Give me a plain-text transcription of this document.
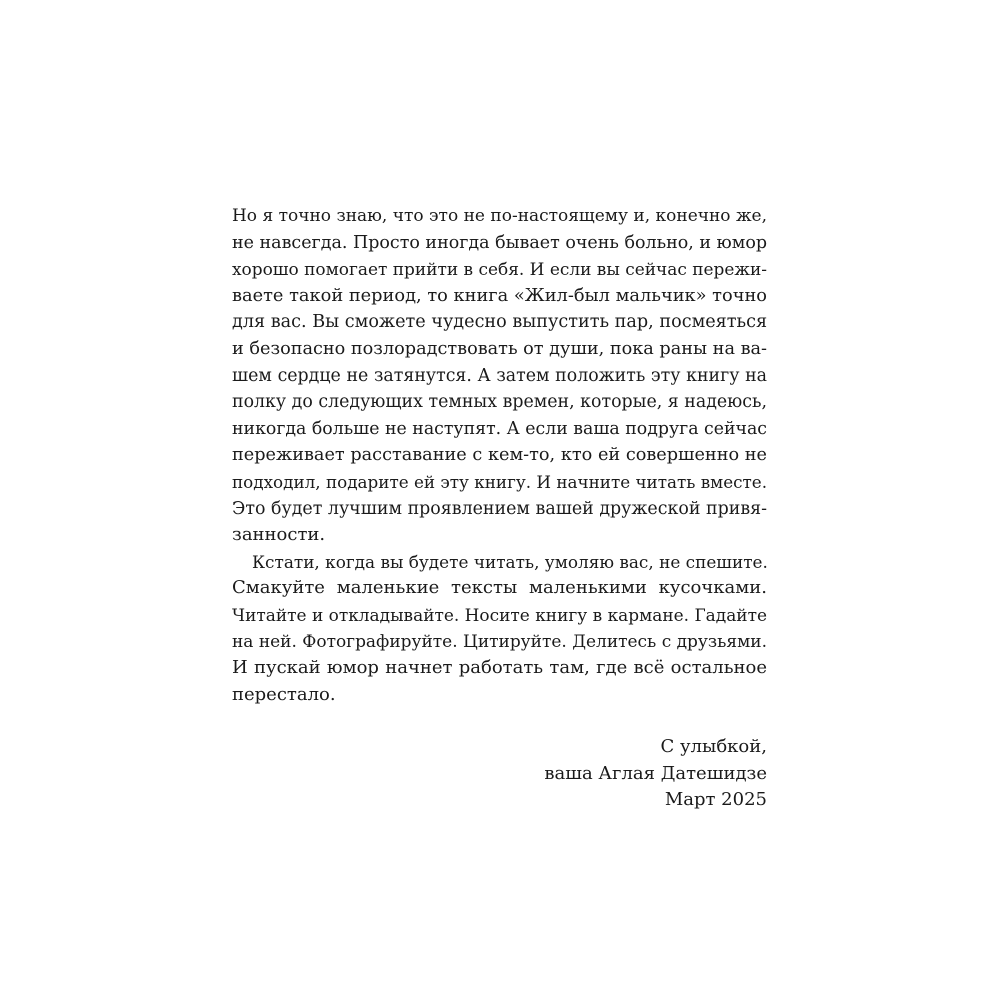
Но я точно знаю, что это не по-настоящему и, конечно же,
не навсегда. Просто иногда бывает очень больно, и юмор
хорошо помогает прийти в себя. И если вы сейчас пережи-
ваете такой период, то книга «Жил-был мальчик» точно
для вас. Вы сможете чудесно выпустить пар, посмеяться
и безопасно позлорадствовать от души, пока раны на ва-
шем сердце не затянутся. А затем положить эту книгу на
полку до следующих темных времен, которые, я надеюсь,
никогда больше не наступят. А если ваша подруга сейчас
переживает расставание с кем-то, кто ей совершенно не
подходил, подарите ей эту книгу. И начните читать вместе.
Это будет лучшим проявлением вашей дружеской привя-
занности.
Кстати, когда вы будете читать, умоляю вас, не спешите.
Смакуйте маленькие тексты маленькими кусочками.
Читайте и откладывайте. Носите книгу в кармане. Гадайте
на ней. Фотографируйте. Цитируйте. Делитесь с друзьями.
И пускай юмор начнет работать там, где всё остальное
перестало.
С улыбкой,
ваша Аглая Датешидзе
Март 2025
